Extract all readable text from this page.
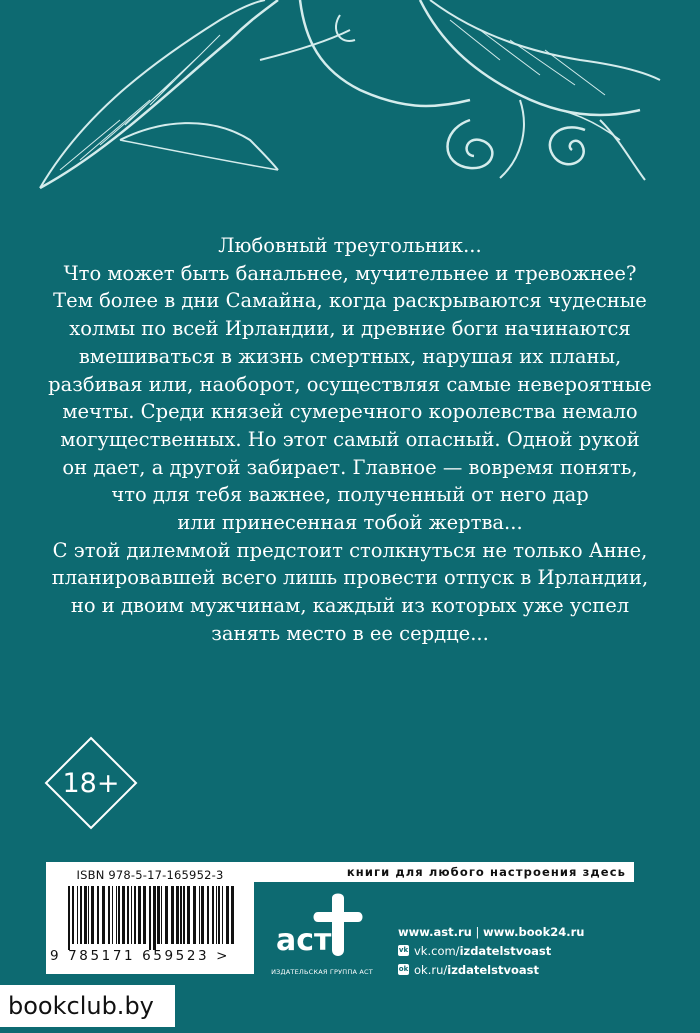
Любовный треугольник...
Что может быть банальнее, мучительнее и тревожнее?
Тем более в дни Самайна, когда раскрываются чудесные
холмы по всей Ирландии, и древние боги начинаются
вмешиваться в жизнь смертных, нарушая их планы,
разбивая или, наоборот, осуществляя самые невероятные
мечты. Среди князей сумеречного королевства немало
могущественных. Но этот самый опасный. Одной рукой
он дает, а другой забирает. Главное — вовремя понять,
что для тебя важнее, полученный от него дар
или принесенная тобой жертва...
С этой дилеммой предстоит столкнуться не только Анне,
планировавшей всего лишь провести отпуск в Ирландии,
но и двоим мужчинам, каждый из которых уже успел
занять место в ее сердце...
18+
ISBN 978-5-17-165952-3
9 785171 659523 >
книги для любого настроения здесь
аст
ИЗДАТЕЛЬСКАЯ ГРУППА АСТ
www.ast.ru | www.book24.ru
vk vk.com/izdatelstvoast
ok ok.ru/izdatelstvoast
bookclub.by
